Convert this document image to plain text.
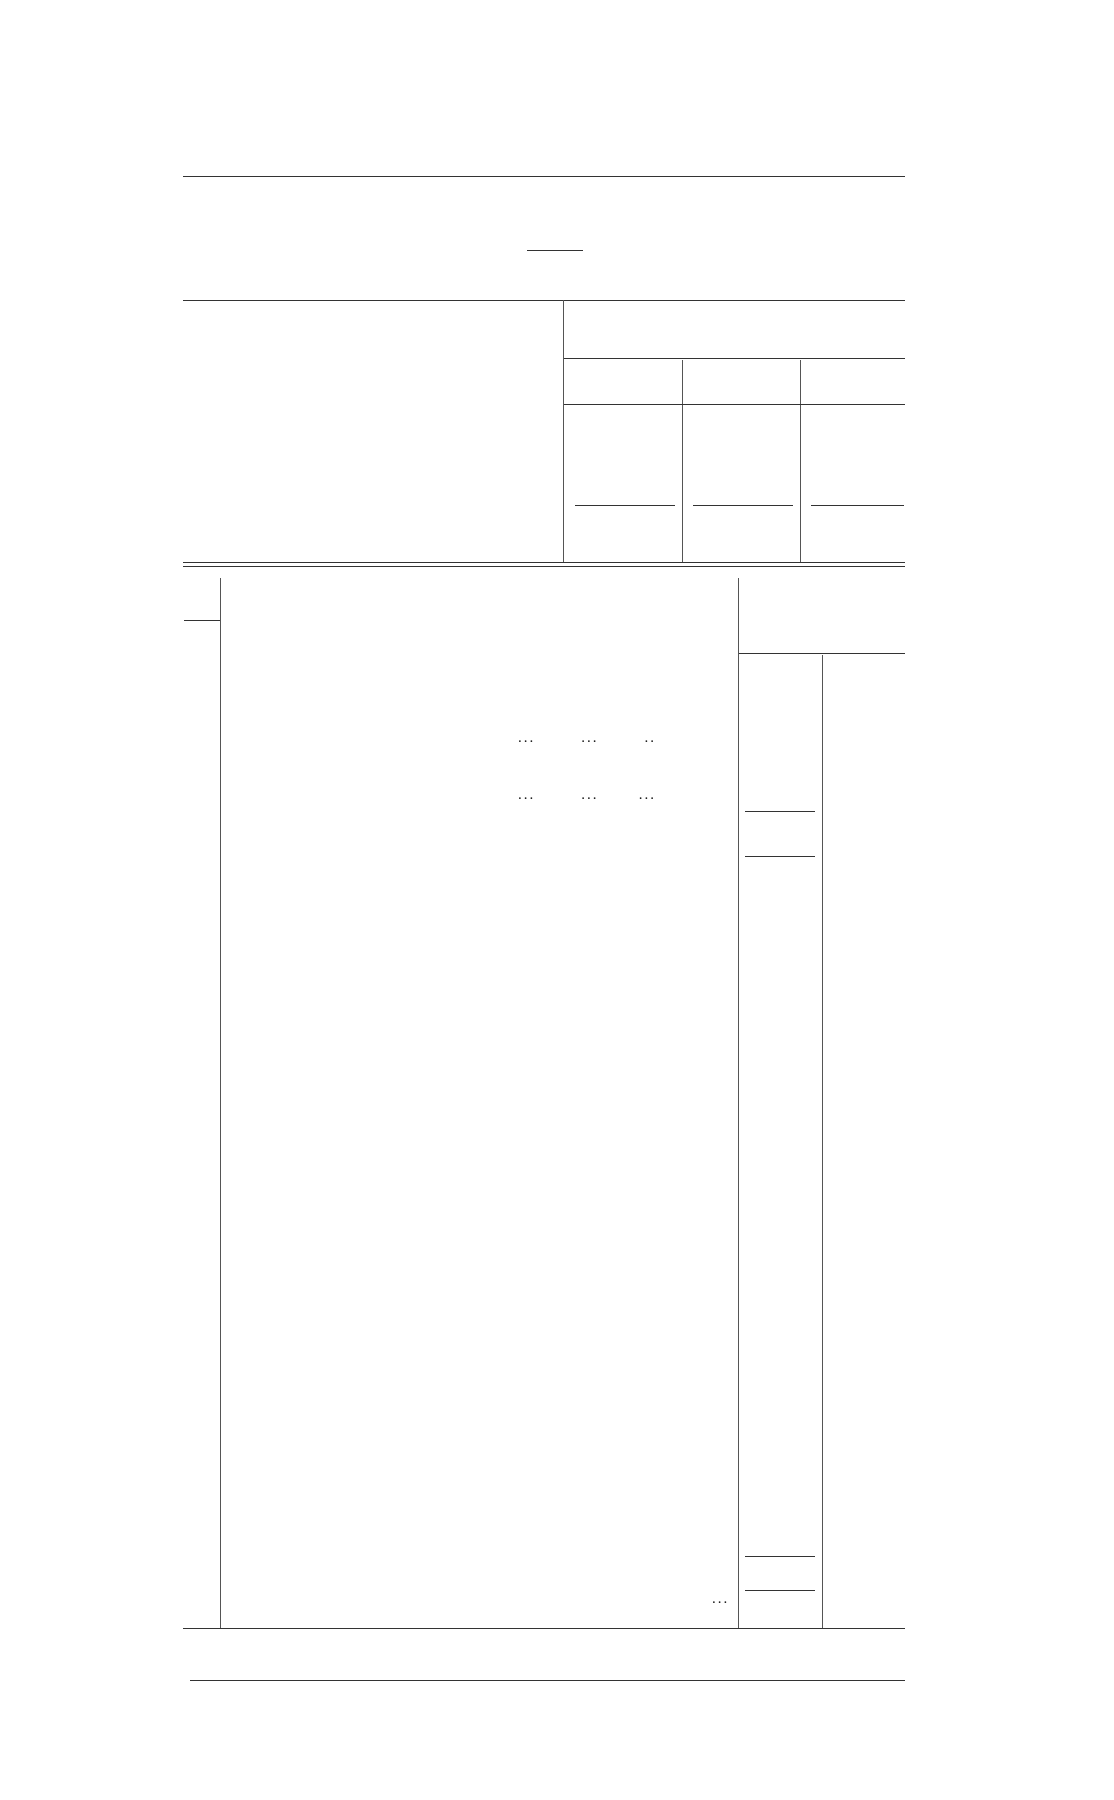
...        ...        ..
...        ...       ...
...
